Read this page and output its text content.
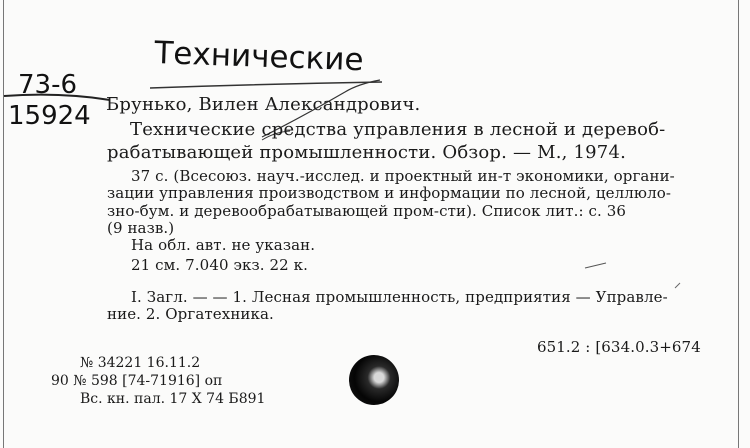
Технические
73-6
15924 Брунько, Вилен Александрович.
Технические средства управления в лесной и деревоб-
рабатывающей промышленности. Обзор. — М., 1974.
37 с. (Всесоюз. науч.-исслед. и проектный ин-т экономики, органи-
зации управления производством и информации по лесной, целлюло-
зно-бум. и деревообрабатывающей пром-сти). Список лит.: с. 36
(9 назв.)
На обл. авт. не указан.
21 см. 7.040 экз. 22 к.
I. Загл. — — 1. Лесная промышленность, предприятия — Управле-
ние. 2. Оргатехника.
651.2 : [634.0.3+674
№ 34221 16.11.2
90 № 598 [74-71916] оп
Вс. кн. пал. 17 X 74 Б891
